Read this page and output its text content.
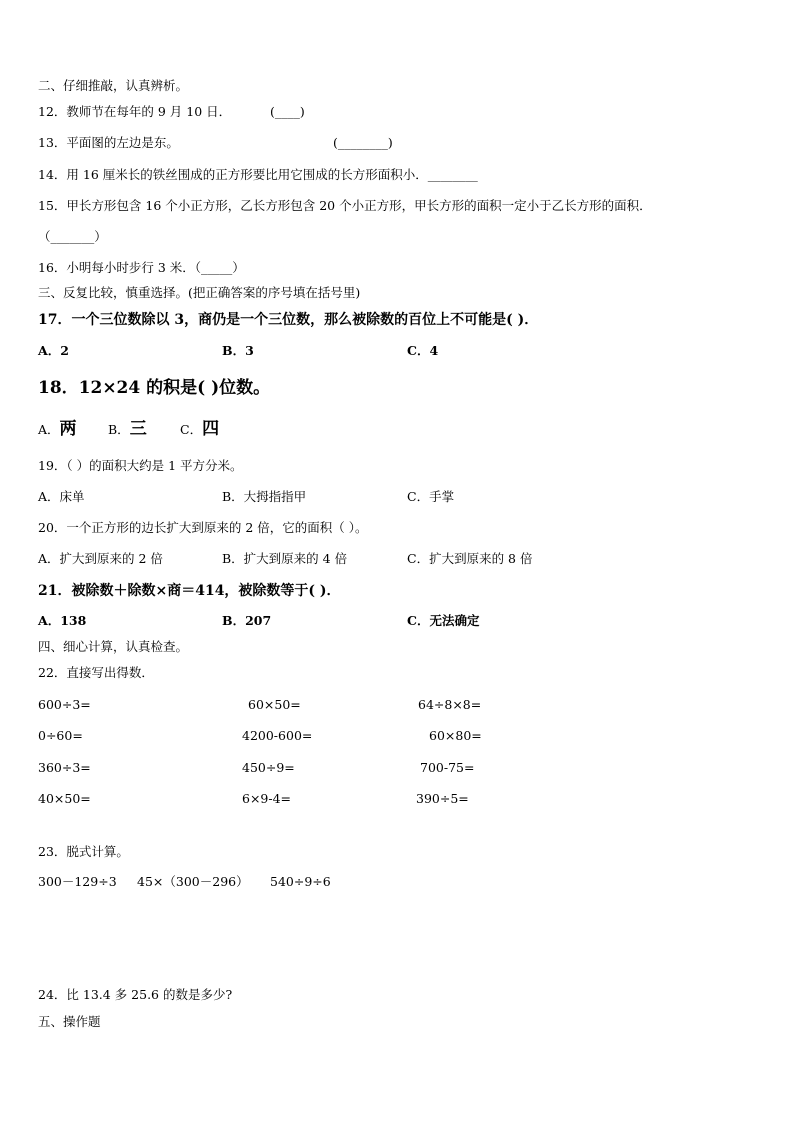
二、仔细推敲，认真辨析。
12．教师节在每年的 9 月 10 日．	(____)
13．平面图的左边是东。	(________)
14．用 16 厘米长的铁丝围成的正方形要比用它围成的长方形面积小．________
15．甲长方形包含 16 个小正方形，乙长方形包含 20 个小正方形，甲长方形的面积一定小于乙长方形的面积．
（_______）
16．小明每小时步行 3 米．（_____）
三、反复比较，慎重选择。(把正确答案的序号填在括号里)
17．一个三位数除以 3，商仍是一个三位数，那么被除数的百位上不可能是( )．
A．2	B．3	C．4
18．12×24 的积是( )位数。
A．两	B．三	C．四
19．（ ）的面积大约是 1 平方分米。
A．床单	B．大拇指指甲	C．手掌
20．一个正方形的边长扩大到原来的 2 倍，它的面积（ ）。
A．扩大到原来的 2 倍	B．扩大到原来的 4 倍	C．扩大到原来的 8 倍
21．被除数＋除数×商＝414，被除数等于( )．
A．138	B．207	C．无法确定
四、细心计算，认真检查。
22．直接写出得数．
600÷3=	60×50=	64÷8×8=
0÷60=	4200-600=	60×80=
360÷3=	450÷9=	700-75=
40×50=	6×9-4=	390÷5=
23．脱式计算。
300－129÷3 45×（300－296） 540÷9÷6
24．比 13.4 多 25.6 的数是多少?
五、操作题
